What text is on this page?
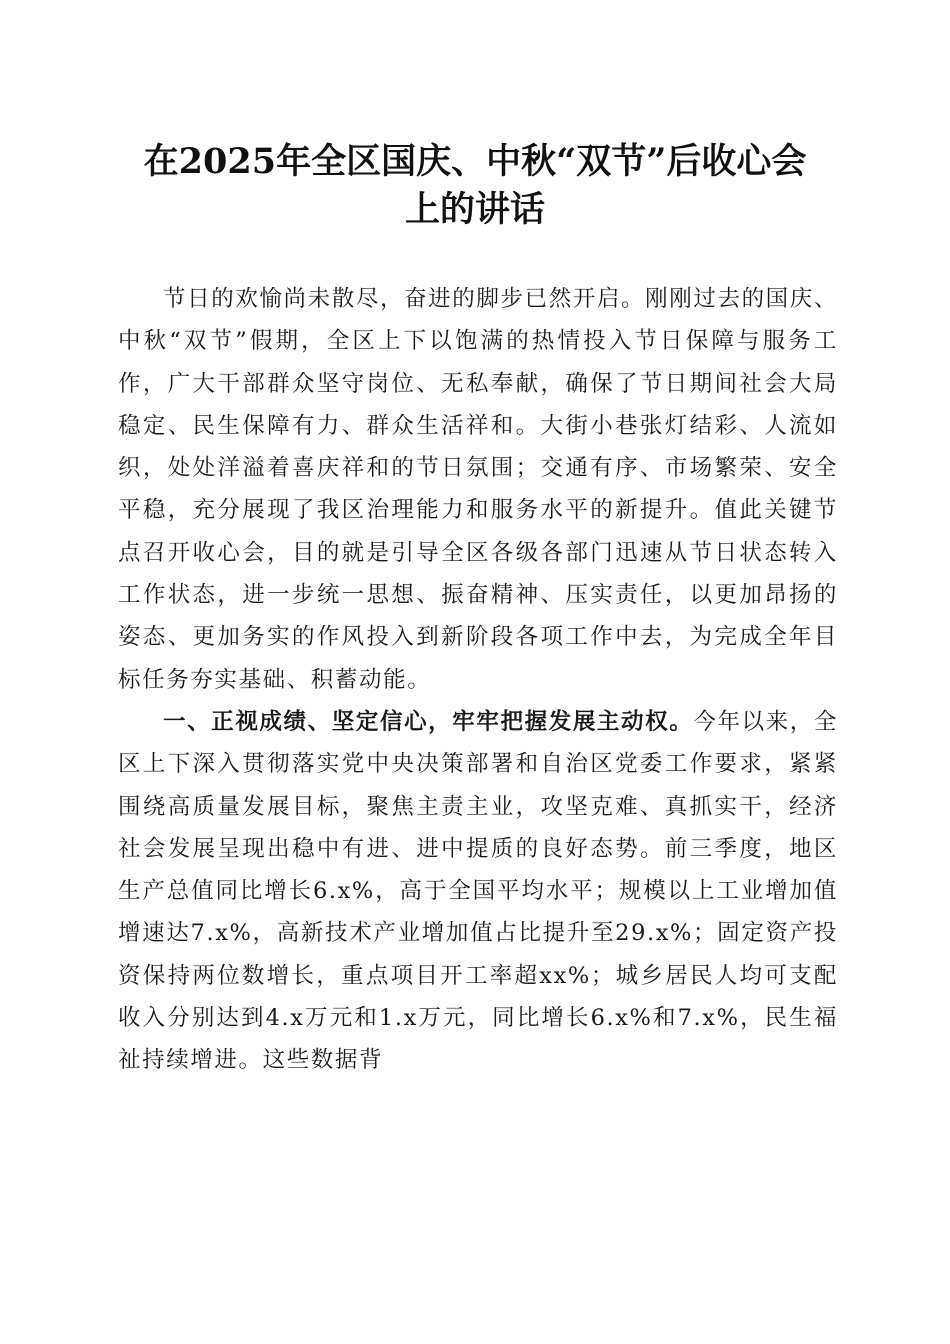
在2025年全区国庆、中秋“双节”后收心会
上的讲话

节日的欢愉尚未散尽，奋进的脚步已然开启。刚刚过去的国庆、中秋“双节”假期，全区上下以饱满的热情投入节日保障与服务工作，广大干部群众坚守岗位、无私奉献，确保了节日期间社会大局稳定、民生保障有力、群众生活祥和。大街小巷张灯结彩、人流如织，处处洋溢着喜庆祥和的节日氛围；交通有序、市场繁荣、安全平稳，充分展现了我区治理能力和服务水平的新提升。值此关键节点召开收心会，目的就是引导全区各级各部门迅速从节日状态转入工作状态，进一步统一思想、振奋精神、压实责任，以更加昂扬的姿态、更加务实的作风投入到新阶段各项工作中去，为完成全年目标任务夯实基础、积蓄动能。

一、正视成绩、坚定信心，牢牢把握发展主动权。今年以来，全区上下深入贯彻落实党中央决策部署和自治区党委工作要求，紧紧围绕高质量发展目标，聚焦主责主业，攻坚克难、真抓实干，经济社会发展呈现出稳中有进、进中提质的良好态势。前三季度，地区生产总值同比增长6.x%，高于全国平均水平；规模以上工业增加值增速达7.x%，高新技术产业增加值占比提升至29.x%；固定资产投资保持两位数增长，重点项目开工率超xx%；城乡居民人均可支配收入分别达到4.x万元和1.x万元，同比增长6.x%和7.x%，民生福祉持续增进。这些数据背
